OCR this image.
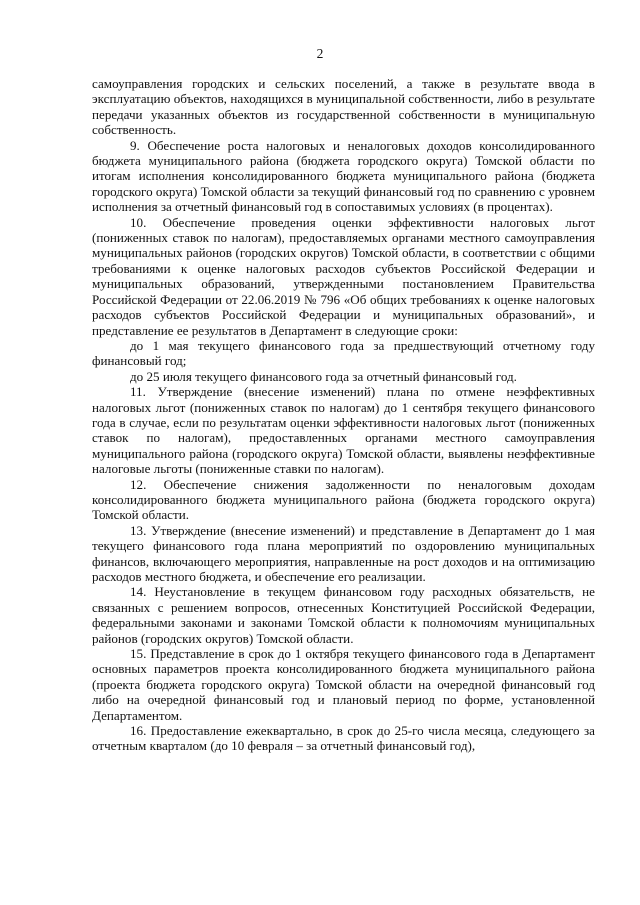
2

самоуправления городских и сельских поселений, а также в результате ввода в эксплуатацию объектов, находящихся в муниципальной собственности, либо в результате передачи указанных объектов из государственной собственности в муниципальную собственность.

9. Обеспечение роста налоговых и неналоговых доходов консолидированного бюджета муниципального района (бюджета городского округа) Томской области по итогам исполнения консолидированного бюджета муниципального района (бюджета городского округа) Томской области за текущий финансовый год по сравнению с уровнем исполнения за отчетный финансовый год в сопоставимых условиях (в процентах).

10. Обеспечение проведения оценки эффективности налоговых льгот (пониженных ставок по налогам), предоставляемых органами местного самоуправления муниципальных районов (городских округов) Томской области, в соответствии с общими требованиями к оценке налоговых расходов субъектов Российской Федерации и муниципальных образований, утвержденными постановлением Правительства Российской Федерации от 22.06.2019 № 796 «Об общих требованиях к оценке налоговых расходов субъектов Российской Федерации и муниципальных образований», и представление ее результатов в Департамент в следующие сроки:

до 1 мая текущего финансового года за предшествующий отчетному году финансовый год;

до 25 июля текущего финансового года за отчетный финансовый год.

11. Утверждение (внесение изменений) плана по отмене неэффективных налоговых льгот (пониженных ставок по налогам) до 1 сентября текущего финансового года в случае, если по результатам оценки эффективности налоговых льгот (пониженных ставок по налогам), предоставленных органами местного самоуправления муниципального района (городского округа) Томской области, выявлены неэффективные налоговые льготы (пониженные ставки по налогам).

12. Обеспечение снижения задолженности по неналоговым доходам консолидированного бюджета муниципального района (бюджета городского округа) Томской области.

13. Утверждение (внесение изменений) и представление в Департамент до 1 мая текущего финансового года плана мероприятий по оздоровлению муниципальных финансов, включающего мероприятия, направленные на рост доходов и на оптимизацию расходов местного бюджета, и обеспечение его реализации.

14. Неустановление в текущем финансовом году расходных обязательств, не связанных с решением вопросов, отнесенных Конституцией Российской Федерации, федеральными законами и законами Томской области к полномочиям муниципальных районов (городских округов) Томской области.

15. Представление в срок до 1 октября текущего финансового года в Департамент основных параметров проекта консолидированного бюджета муниципального района (проекта бюджета городского округа) Томской области на очередной финансовый год либо на очередной финансовый год и плановый период по форме, установленной Департаментом.

16. Предоставление ежеквартально, в срок до 25-го числа месяца, следующего за отчетным кварталом (до 10 февраля – за отчетный финансовый год),
